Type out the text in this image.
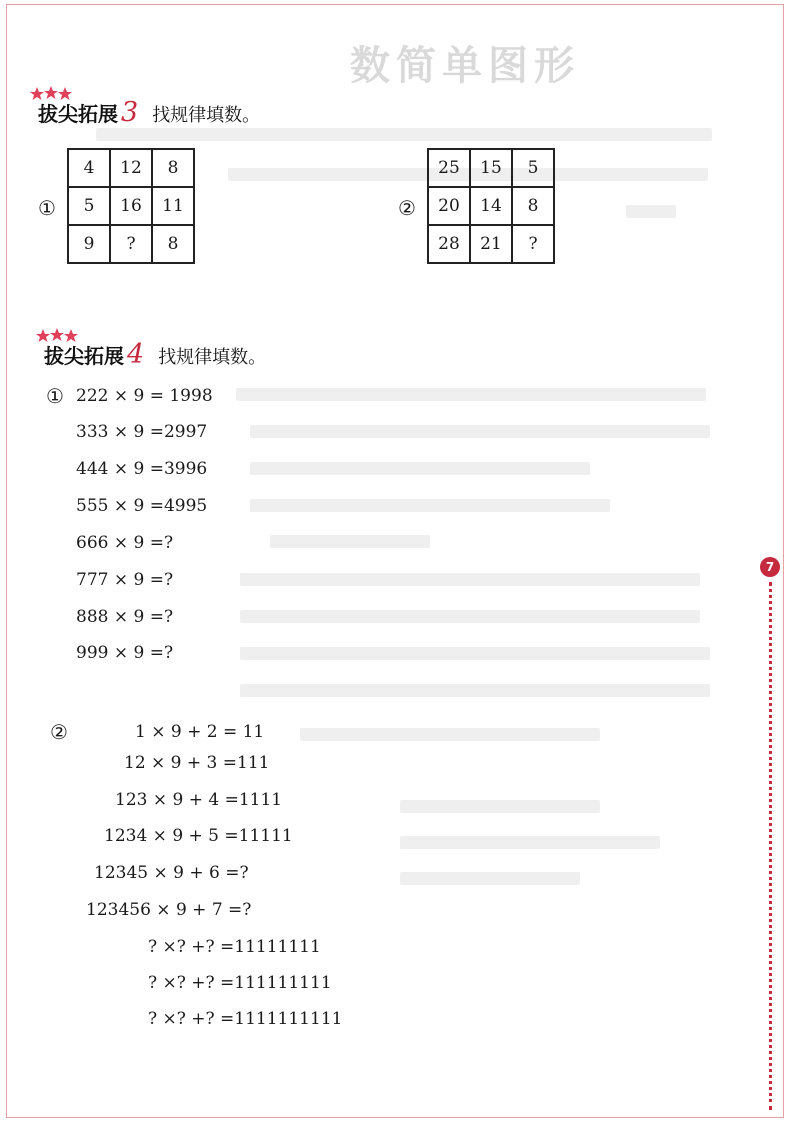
数简单图形
拔尖拓展 3 找规律填数。
①
4	12	8
5	16	11
9	?	8
②
25	15	5
20	14	8
28	21	?
拔尖拓展 4 找规律填数。
① 222 × 9 = 1998
333 × 9 =2997
444 × 9 =3996
555 × 9 =4995
666 × 9 =?
777 × 9 =?
888 × 9 =?
999 × 9 =?
②	1 × 9 + 2 = 11
12 × 9 + 3 =111
123 × 9 + 4 =1111
1234 × 9 + 5 =11111
12345 × 9 + 6 =?
123456 × 9 + 7 =?
? ×? +? =11111111
? ×? +? =111111111
? ×? +? =1111111111
7
